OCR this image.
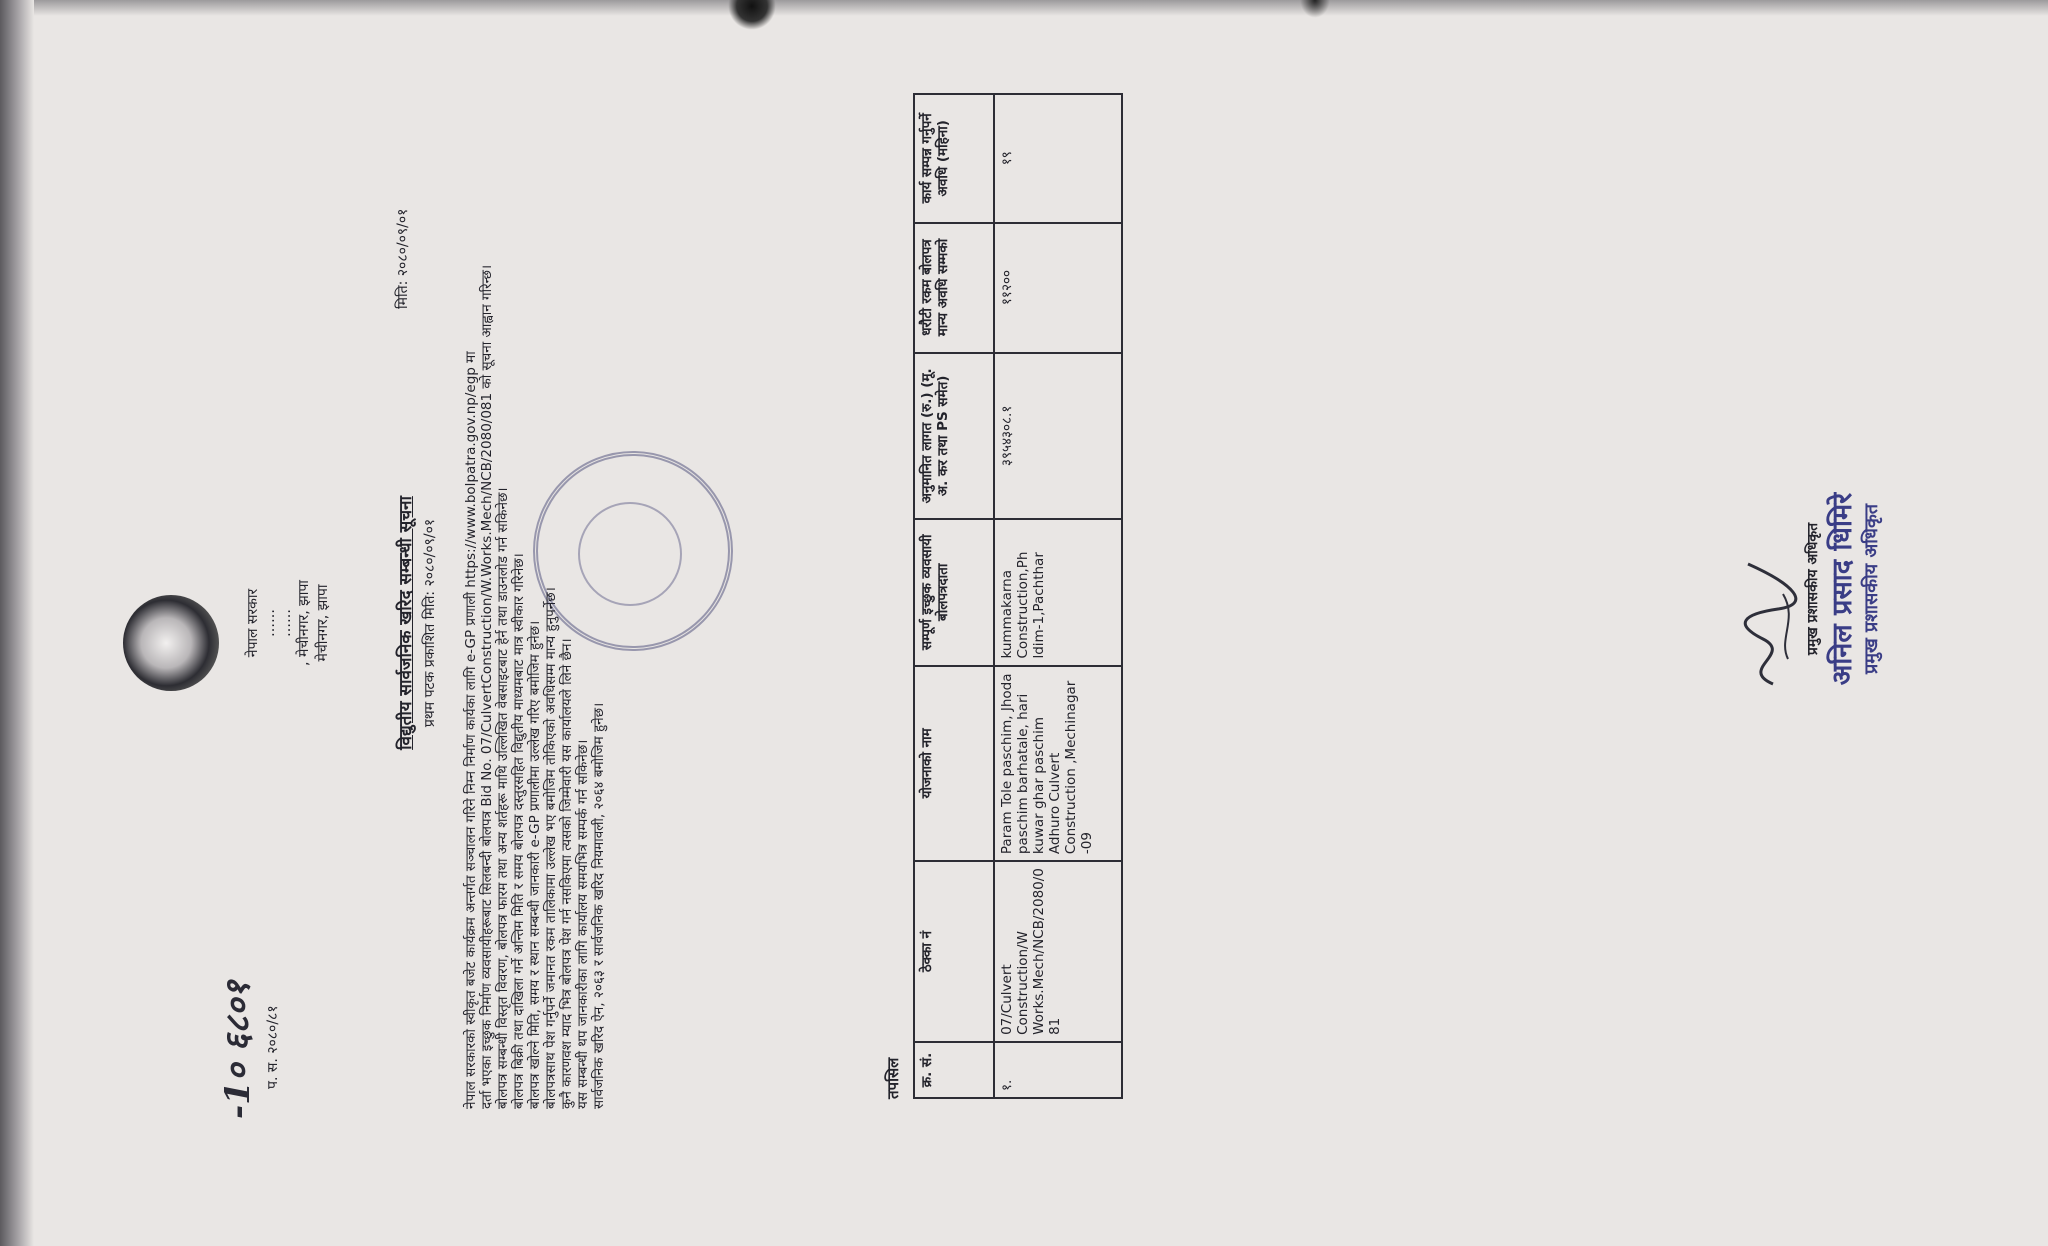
नेपाल सरकार …… …… , मेचीनगर, झापा मेचीनगर, झापा
-1० ६८०१ प. स. २०८०/८१
मिति: २०८०/०९/०१
विद्युतीय सार्वजनिक खरिद सम्बन्धी सूचना प्रथम पटक प्रकाशित मिति: २०८०/०९/०१ नेपाल सरकारको स्वीकृत बजेट कार्यक्रम अन्तर्गत सञ्चालन गरिने निम्न निर्माण कार्यका लागि e-GP प्रणाली https://www.bolpatra.gov.np/egp मा दर्ता भएका इच्छुक निर्माण व्यवसायीहरूबाट सिलबन्दी बोलपत्र Bid No. 07/CulvertConstruction/W.Works.Mech/NCB/2080/081 को सूचना आह्वान गरिन्छ। बोलपत्र सम्बन्धी विस्तृत विवरण, बोलपत्र फारम तथा अन्य शर्तहरू माथि उल्लिखित वेबसाइटबाट हेर्न तथा डाउनलोड गर्न सकिनेछ। बोलपत्र बिक्री तथा दाखिला गर्ने अन्तिम मिति र समय बोलपत्र दस्तुरसहित विद्युतीय माध्यमबाट मात्र स्वीकार गरिनेछ। बोलपत्र खोल्ने मिति, समय र स्थान सम्बन्धी जानकारी e-GP प्रणालीमा उल्लेख गरिए बमोजिम हुनेछ। बोलपत्रसाथ पेश गर्नुपर्ने जमानत रकम तालिकामा उल्लेख भए बमोजिम तोकिएको अवधिसम्म मान्य हुनुपर्नेछ। कुनै कारणवश म्याद भित्र बोलपत्र पेश गर्न नसकिएमा त्यसको जिम्मेवारी यस कार्यालयले लिने छैन। यस सम्बन्धी थप जानकारीका लागि कार्यालय समयभित्र सम्पर्क गर्न सकिनेछ। सार्वजनिक खरिद ऐन, २०६३ र सार्वजनिक खरिद नियमावली, २०६४ बमोजिम हुनेछ।	तपसिल क्र. सं.	ठेक्का नं	योजनाको नाम	सम्पूर्ण इच्छुक व्यवसायी बोलपत्रदाता	अनुमानित लागत (रु.) (मू. अ. कर तथा PS समेत)	धरौटी रकम बोलपत्र मान्य अवधि सम्मको	कार्य सम्पन्न गर्नुपर्ने अवधि (महिना)
१.	07/Culvert Construction/W Works.Mech/NCB/2080/0 81	Param Tole paschim, Jhoda paschim barhatale, hari kuwar ghar paschim Adhuro Culvert Construction ,Mechinagar -09	kummakarna Construction,Ph ldim-1,Pachthar	३९५४३०८.१	११२००	१९
प्रमुख प्रशासकीय अधिकृत अनिल प्रसाद धिमिरे प्रमुख प्रशासकीय अधिकृत
